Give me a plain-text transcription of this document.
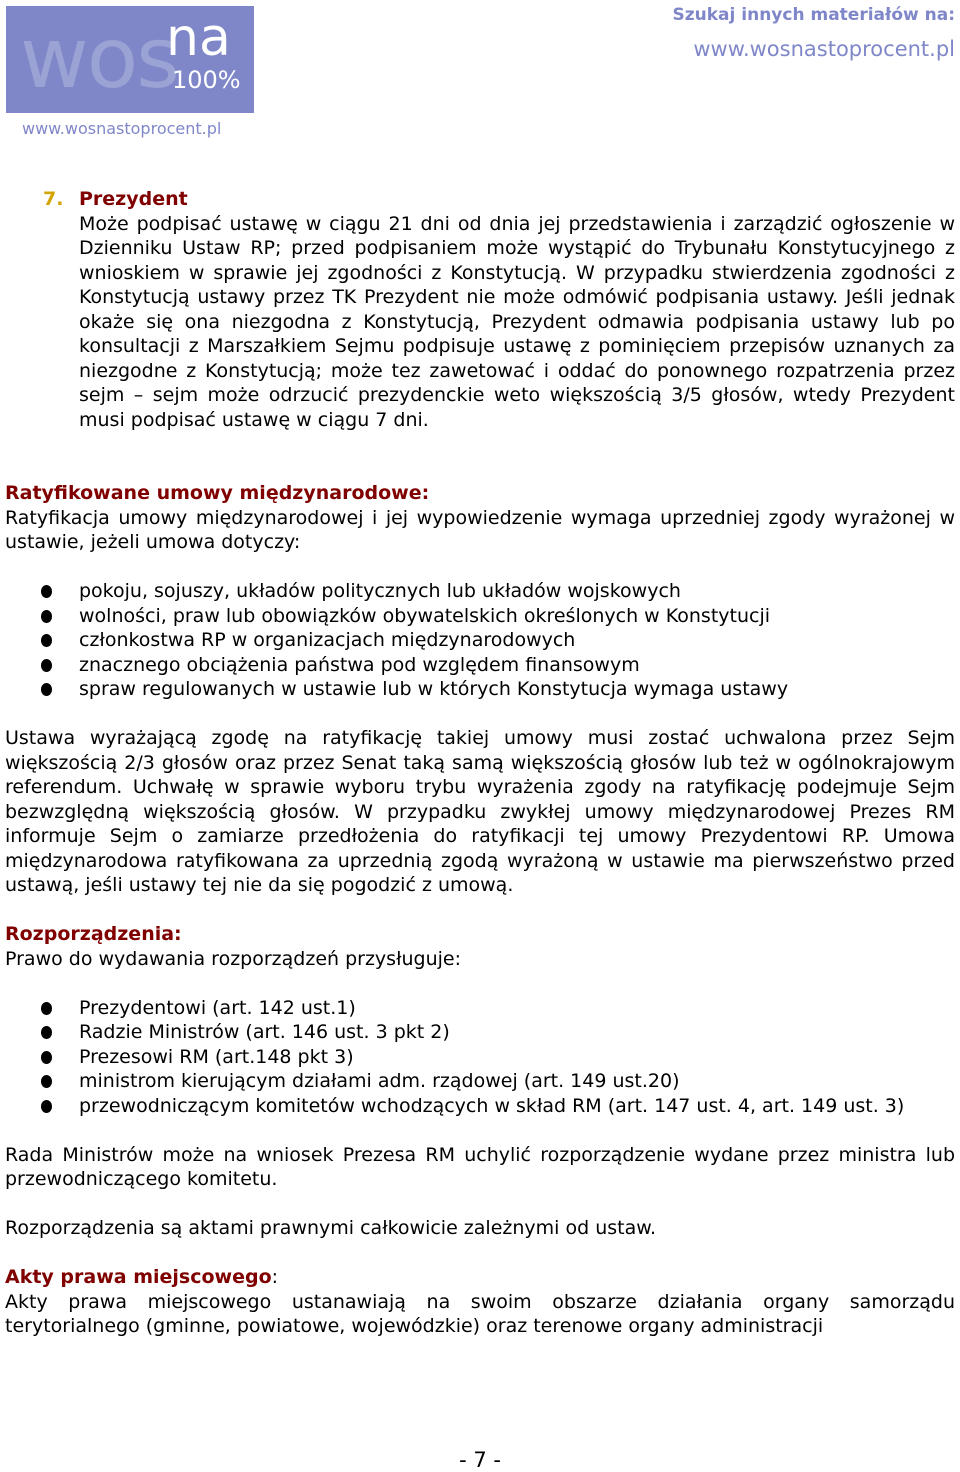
wos
na
100%
www.wosnastoprocent.pl
Szukaj innych materiałów na:
www.wosnastoprocent.pl
7. Prezydent

Może podpisać ustawę w ciągu 21 dni od dnia jej przedstawienia i zarządzić ogłoszenie w Dzienniku Ustaw RP; przed podpisaniem może wystąpić do Trybunału Konstytucyjnego z wnioskiem w sprawie jej zgodności z Konstytucją. W przypadku stwierdzenia zgodności z Konstytucją ustawy przez TK Prezydent nie może odmówić podpisania ustawy. Jeśli jednak okaże się ona niezgodna z Konstytucją, Prezydent odmawia podpisania ustawy lub po konsultacji z Marszałkiem Sejmu podpisuje ustawę z pominięciem przepisów uznanych za niezgodne z Konstytucją; może tez zawetować i oddać do ponownego rozpatrzenia przez sejm – sejm może odrzucić prezydenckie weto większością 3/5 głosów, wtedy Prezydent musi podpisać ustawę w ciągu 7 dni.

Ratyfikowane umowy międzynarodowe:

Ratyfikacja umowy międzynarodowej i jej wypowiedzenie wymaga uprzedniej zgody wyrażonej w ustawie, jeżeli umowa dotyczy:

pokoju, sojuszy, układów politycznych lub układów wojskowych
wolności, praw lub obowiązków obywatelskich określonych w Konstytucji
członkostwa RP w organizacjach międzynarodowych
znacznego obciążenia państwa pod względem finansowym
spraw regulowanych w ustawie lub w których Konstytucja wymaga ustawy

Ustawa wyrażającą zgodę na ratyfikację takiej umowy musi zostać uchwalona przez Sejm większością 2/3 głosów oraz przez Senat taką samą większością głosów lub też w ogólnokrajowym referendum. Uchwałę w sprawie wyboru trybu wyrażenia zgody na ratyfikację podejmuje Sejm bezwzględną większością głosów. W przypadku zwykłej umowy międzynarodowej Prezes RM informuje Sejm o zamiarze przedłożenia do ratyfikacji tej umowy Prezydentowi RP. Umowa międzynarodowa ratyfikowana za uprzednią zgodą wyrażoną w ustawie ma pierwszeństwo przed ustawą, jeśli ustawy tej nie da się pogodzić z umową.

Rozporządzenia:

Prawo do wydawania rozporządzeń przysługuje:

Prezydentowi (art. 142 ust.1)
Radzie Ministrów (art. 146 ust. 3 pkt 2)
Prezesowi RM (art.148 pkt 3)
ministrom kierującym działami adm. rządowej (art. 149 ust.20)
przewodniczącym komitetów wchodzących w skład RM (art. 147 ust. 4, art. 149 ust. 3)

Rada Ministrów może na wniosek Prezesa RM uchylić rozporządzenie wydane przez ministra lub przewodniczącego komitetu.

Rozporządzenia są aktami prawnymi całkowicie zależnymi od ustaw.

Akty prawa miejscowego:

Akty prawa miejscowego ustanawiają na swoim obszarze działania organy samorządu terytorialnego (gminne, powiatowe, wojewódzkie) oraz terenowe organy administracji

- 7 -
